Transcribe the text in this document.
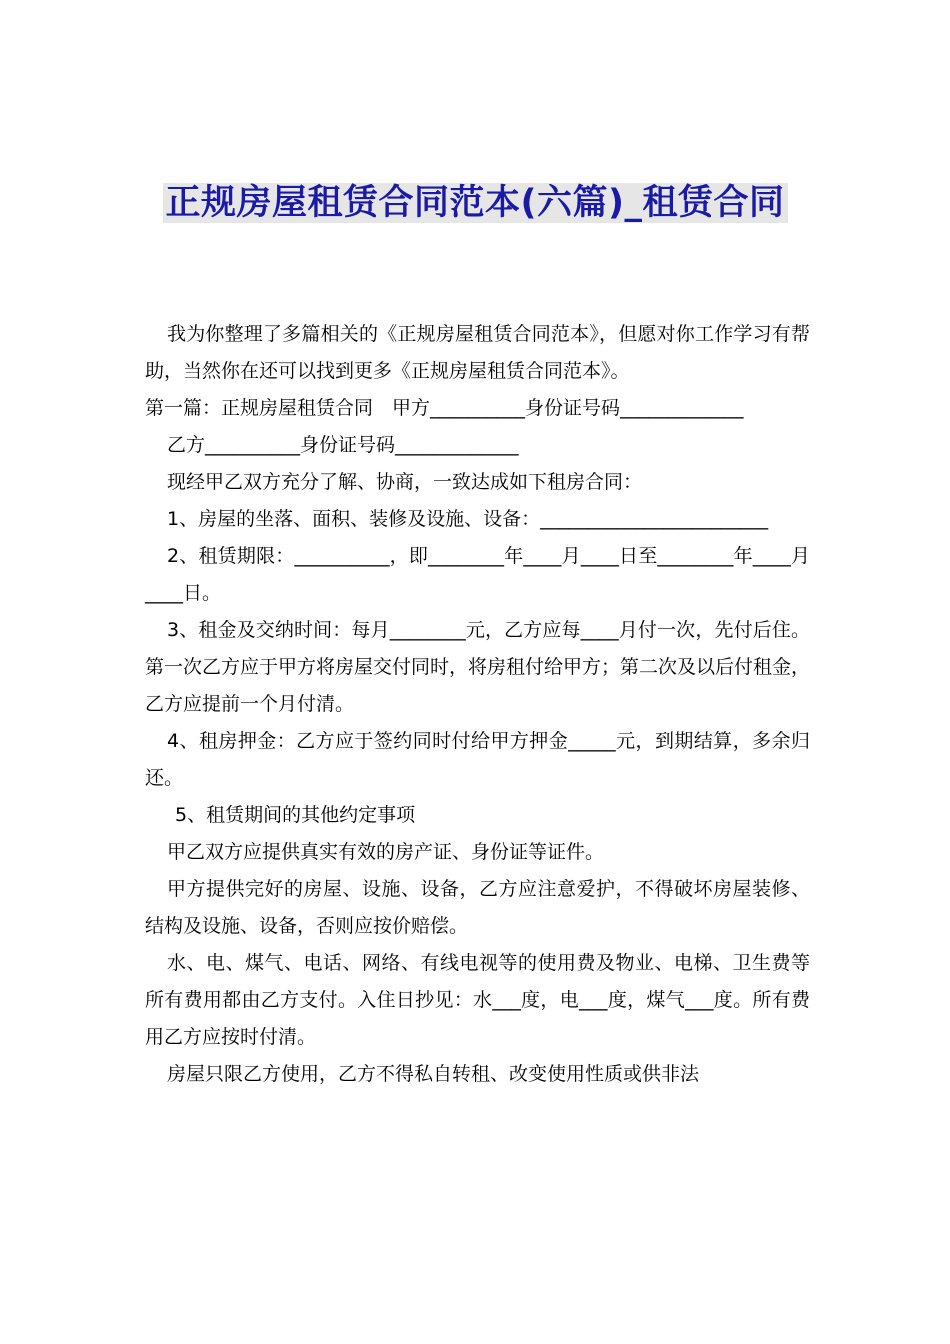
正规房屋租赁合同范本(六篇)_租赁合同

我为你整理了多篇相关的《正规房屋租赁合同范本》，但愿对你工作学习有帮助，当然你在还可以找到更多《正规房屋租赁合同范本》。

第一篇：正规房屋租赁合同　甲方__________身份证号码_____________

乙方__________身份证号码_____________

现经甲乙双方充分了解、协商，一致达成如下租房合同：

1、房屋的坐落、面积、装修及设施、设备：________________________

2、租赁期限：__________，即________年____月____日至________年____月____日。

3、租金及交纳时间：每月________元，乙方应每____月付一次，先付后住。第一次乙方应于甲方将房屋交付同时，将房租付给甲方；第二次及以后付租金，乙方应提前一个月付清。

4、租房押金：乙方应于签约同时付给甲方押金_____元，到期结算，多余归还。

5、租赁期间的其他约定事项

甲乙双方应提供真实有效的房产证、身份证等证件。

甲方提供完好的房屋、设施、设备，乙方应注意爱护，不得破坏房屋装修、结构及设施、设备，否则应按价赔偿。

水、电、煤气、电话、网络、有线电视等的使用费及物业、电梯、卫生费等所有费用都由乙方支付。入住日抄见：水___度，电___度，煤气___度。所有费用乙方应按时付清。

房屋只限乙方使用，乙方不得私自转租、改变使用性质或供非法
